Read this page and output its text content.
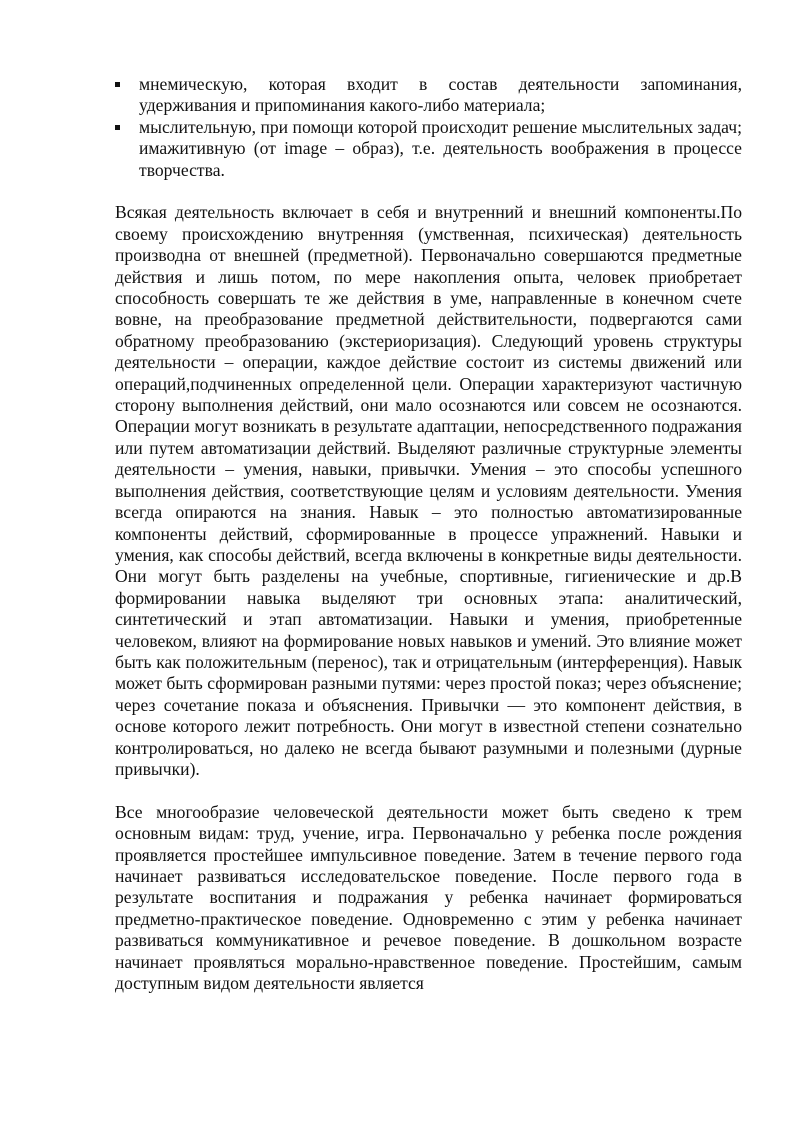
мнемическую, которая входит в состав деятельности запоминания, удерживания и припоминания какого-либо материала;
мыслительную, при помощи которой происходит решение мыслительных задач; имажитивную (от image – образ), т.е. деятельность воображения в процессе творчества.

Всякая деятельность включает в себя и внутренний и внешний компоненты.По своему происхождению внутренняя (умственная, психическая) деятельность производна от внешней (предметной). Первоначально совершаются предметные действия и лишь потом, по мере накопления опыта, человек приобретает способность совершать те же действия в уме, направленные в конечном счете вовне, на преобразование предметной действительности, подвергаются сами обратному преобразованию (экстериоризация). Следующий уровень структуры деятельности – операции, каждое действие состоит из системы движений или операций,подчиненных определенной цели. Операции характеризуют частичную сторону выполнения действий, они мало осознаются или совсем не осознаются. Операции могут возникать в результате адаптации, непосредственного подражания или путем автоматизации действий. Выделяют различные структурные элементы деятельности – умения, навыки, привычки. Умения – это способы успешного выполнения действия, соответствующие целям и условиям деятельности. Умения всегда опираются на знания. Навык – это полностью автоматизированные компоненты действий, сформированные в процессе упражнений. Навыки и умения, как способы действий, всегда включены в конкретные виды деятельности. Они могут быть разделены на учебные, спортивные, гигиенические и др.В формировании навыка выделяют три основных этапа: аналитический, синтетический и этап автоматизации. Навыки и умения, приобретенные человеком, влияют на формирование новых навыков и умений. Это влияние может быть как положительным (перенос), так и отрицательным (интерференция). Навык может быть сформирован разными путями: через простой показ; через объяснение; через сочетание показа и объяснения. Привычки — это компонент действия, в основе которого лежит потребность. Они могут в известной степени сознательно контролироваться, но далеко не всегда бывают разумными и полезными (дурные привычки).

Все многообразие человеческой деятельности может быть сведено к трем основным видам: труд, учение, игра. Первоначально у ребенка после рождения проявляется простейшее импульсивное поведение. Затем в течение первого года начинает развиваться исследовательское поведение. После первого года в результате воспитания и подражания у ребенка начинает формироваться предметно-практическое поведение. Одновременно с этим у ребенка начинает развиваться коммуникативное и речевое поведение. В дошкольном возрасте начинает проявляться морально-нравственное поведение. Простейшим, самым доступным видом деятельности является
